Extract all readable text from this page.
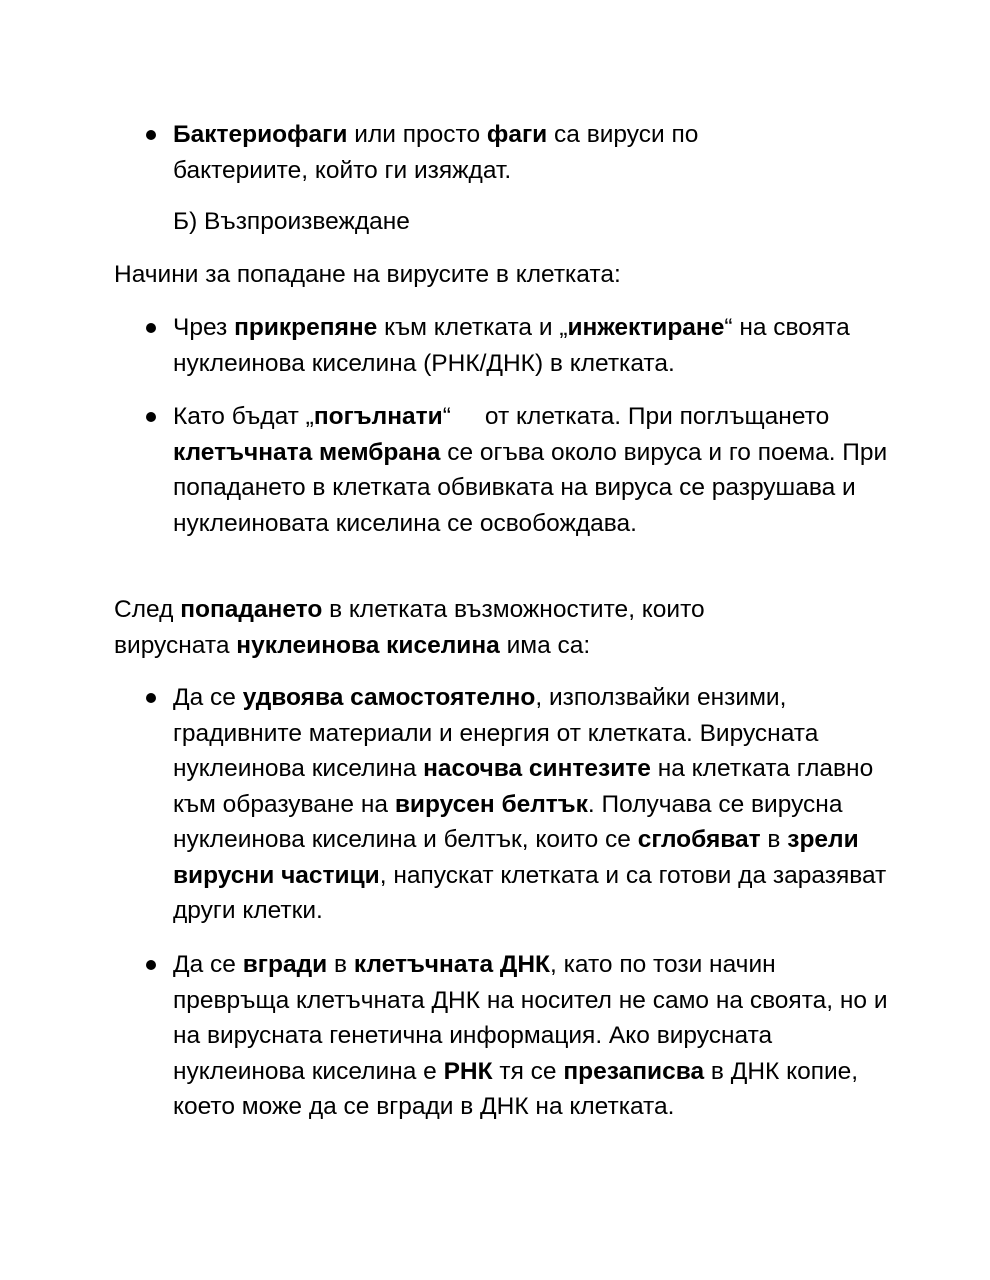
Бактериофаги или просто фаги са вируси по бактериите, който ги изяждат.
Б) Възпроизвеждане
Начини за попадане на вирусите в клетката:
Чрез прикрепяне към клетката и „инжектиране“ на своята нуклеинова киселина (РНК/ДНК) в клетката.
Като бъдат „погълнати“     от клетката. При поглъщането клетъчната мембрана се огъва около вируса и го поема. При попадането в клетката обвивката на вируса се разрушава и нуклеиновата киселина се освобождава.
След попадането в клетката възможностите, които вирусната нуклеинова киселина има са:
Да се удвоява самостоятелно, използвайки ензими, градивните материали и енергия от клетката. Вирусната нуклеинова киселина насочва синтезите на клетката главно към образуване на вирусен белтък. Получава се вирусна нуклеинова киселина и белтък, които се сглобяват в зрели вирусни частици, напускат клетката и са готови да заразяват други клетки.
Да се вгради в клетъчната ДНК, като по този начин превръща клетъчната ДНК на носител не само на своята, но и на вирусната генетична информация. Ако вирусната нуклеинова киселина е РНК тя се презаписва в ДНК копие, което може да се вгради в ДНК на клетката.
